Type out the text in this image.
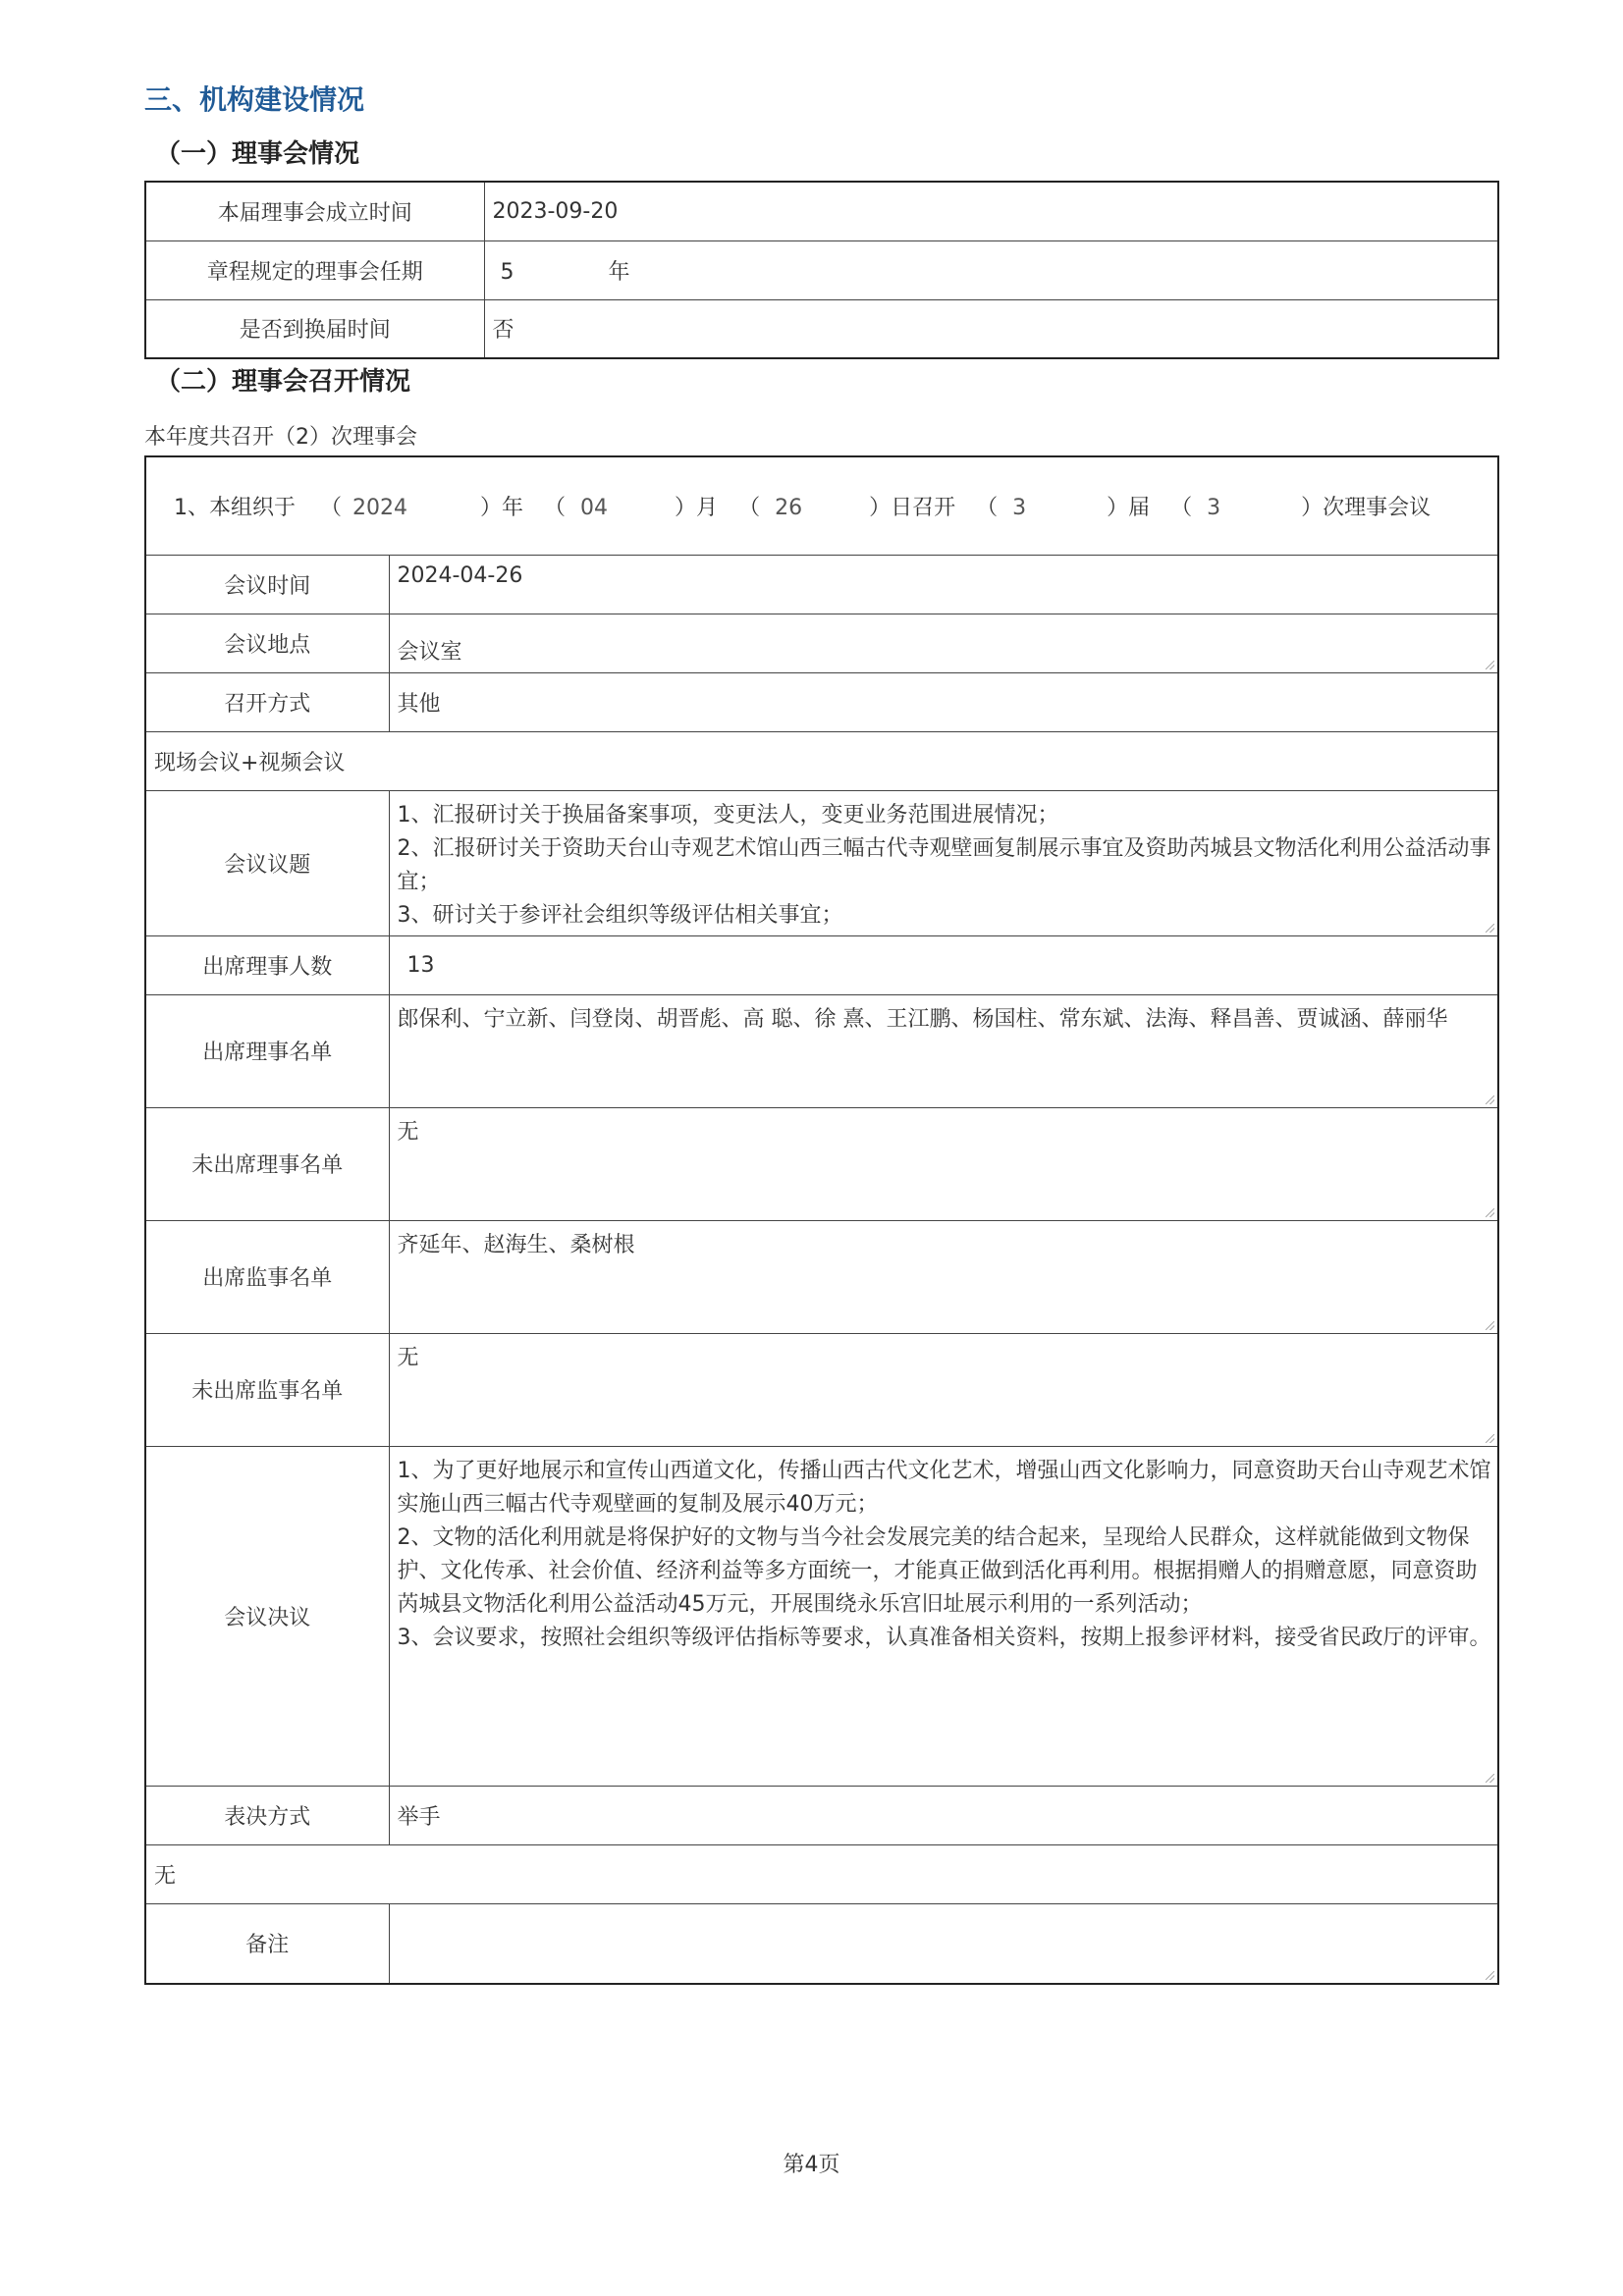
三、机构建设情况
（一）理事会情况
本届理事会成立时间	2023-09-20
章程规定的理事会任期	5 年
是否到换届时间	否
（二）理事会召开情况
本年度共召开（2）次理事会
1、本组织于 （ 2024 ）年 （ 04 ）月 （ 26 ）日召开 （ 3 ）届 （ 3 ）次理事会议	
会议时间	2024-04-26
会议地点	会议室
召开方式	其他
现场会议+视频会议	
会议议题	1、汇报研讨关于换届备案事项，变更法人，变更业务范围进展情况；
2、汇报研讨关于资助天台山寺观艺术馆山西三幅古代寺观壁画复制展示事宜及资助芮城县文物活化利用公益活动事宜；
3、研讨关于参评社会组织等级评估相关事宜；

出席理事人数	13
出席理事名单	郎保利、宁立新、闫登岗、胡晋彪、高 聪、徐 熹、王江鹏、杨国柱、常东斌、法海、释昌善、贾诚涵、薛丽华

未出席理事名单	无

出席监事名单	齐延年、赵海生、桑树根

未出席监事名单	无

会议决议	1、为了更好地展示和宣传山西道文化，传播山西古代文化艺术，增强山西文化影响力，同意资助天台山寺观艺术馆实施山西三幅古代寺观壁画的复制及展示40万元；
2、文物的活化利用就是将保护好的文物与当今社会发展完美的结合起来，呈现给人民群众，这样就能做到文物保护、文化传承、社会价值、经济利益等多方面统一，才能真正做到活化再利用。根据捐赠人的捐赠意愿，同意资助芮城县文物活化利用公益活动45万元，开展围绕永乐宫旧址展示利用的一系列活动；
3、会议要求，按照社会组织等级评估指标等要求，认真准备相关资料，按期上报参评材料，接受省民政厅的评审。

表决方式	举手
无	
备注	
第4页
